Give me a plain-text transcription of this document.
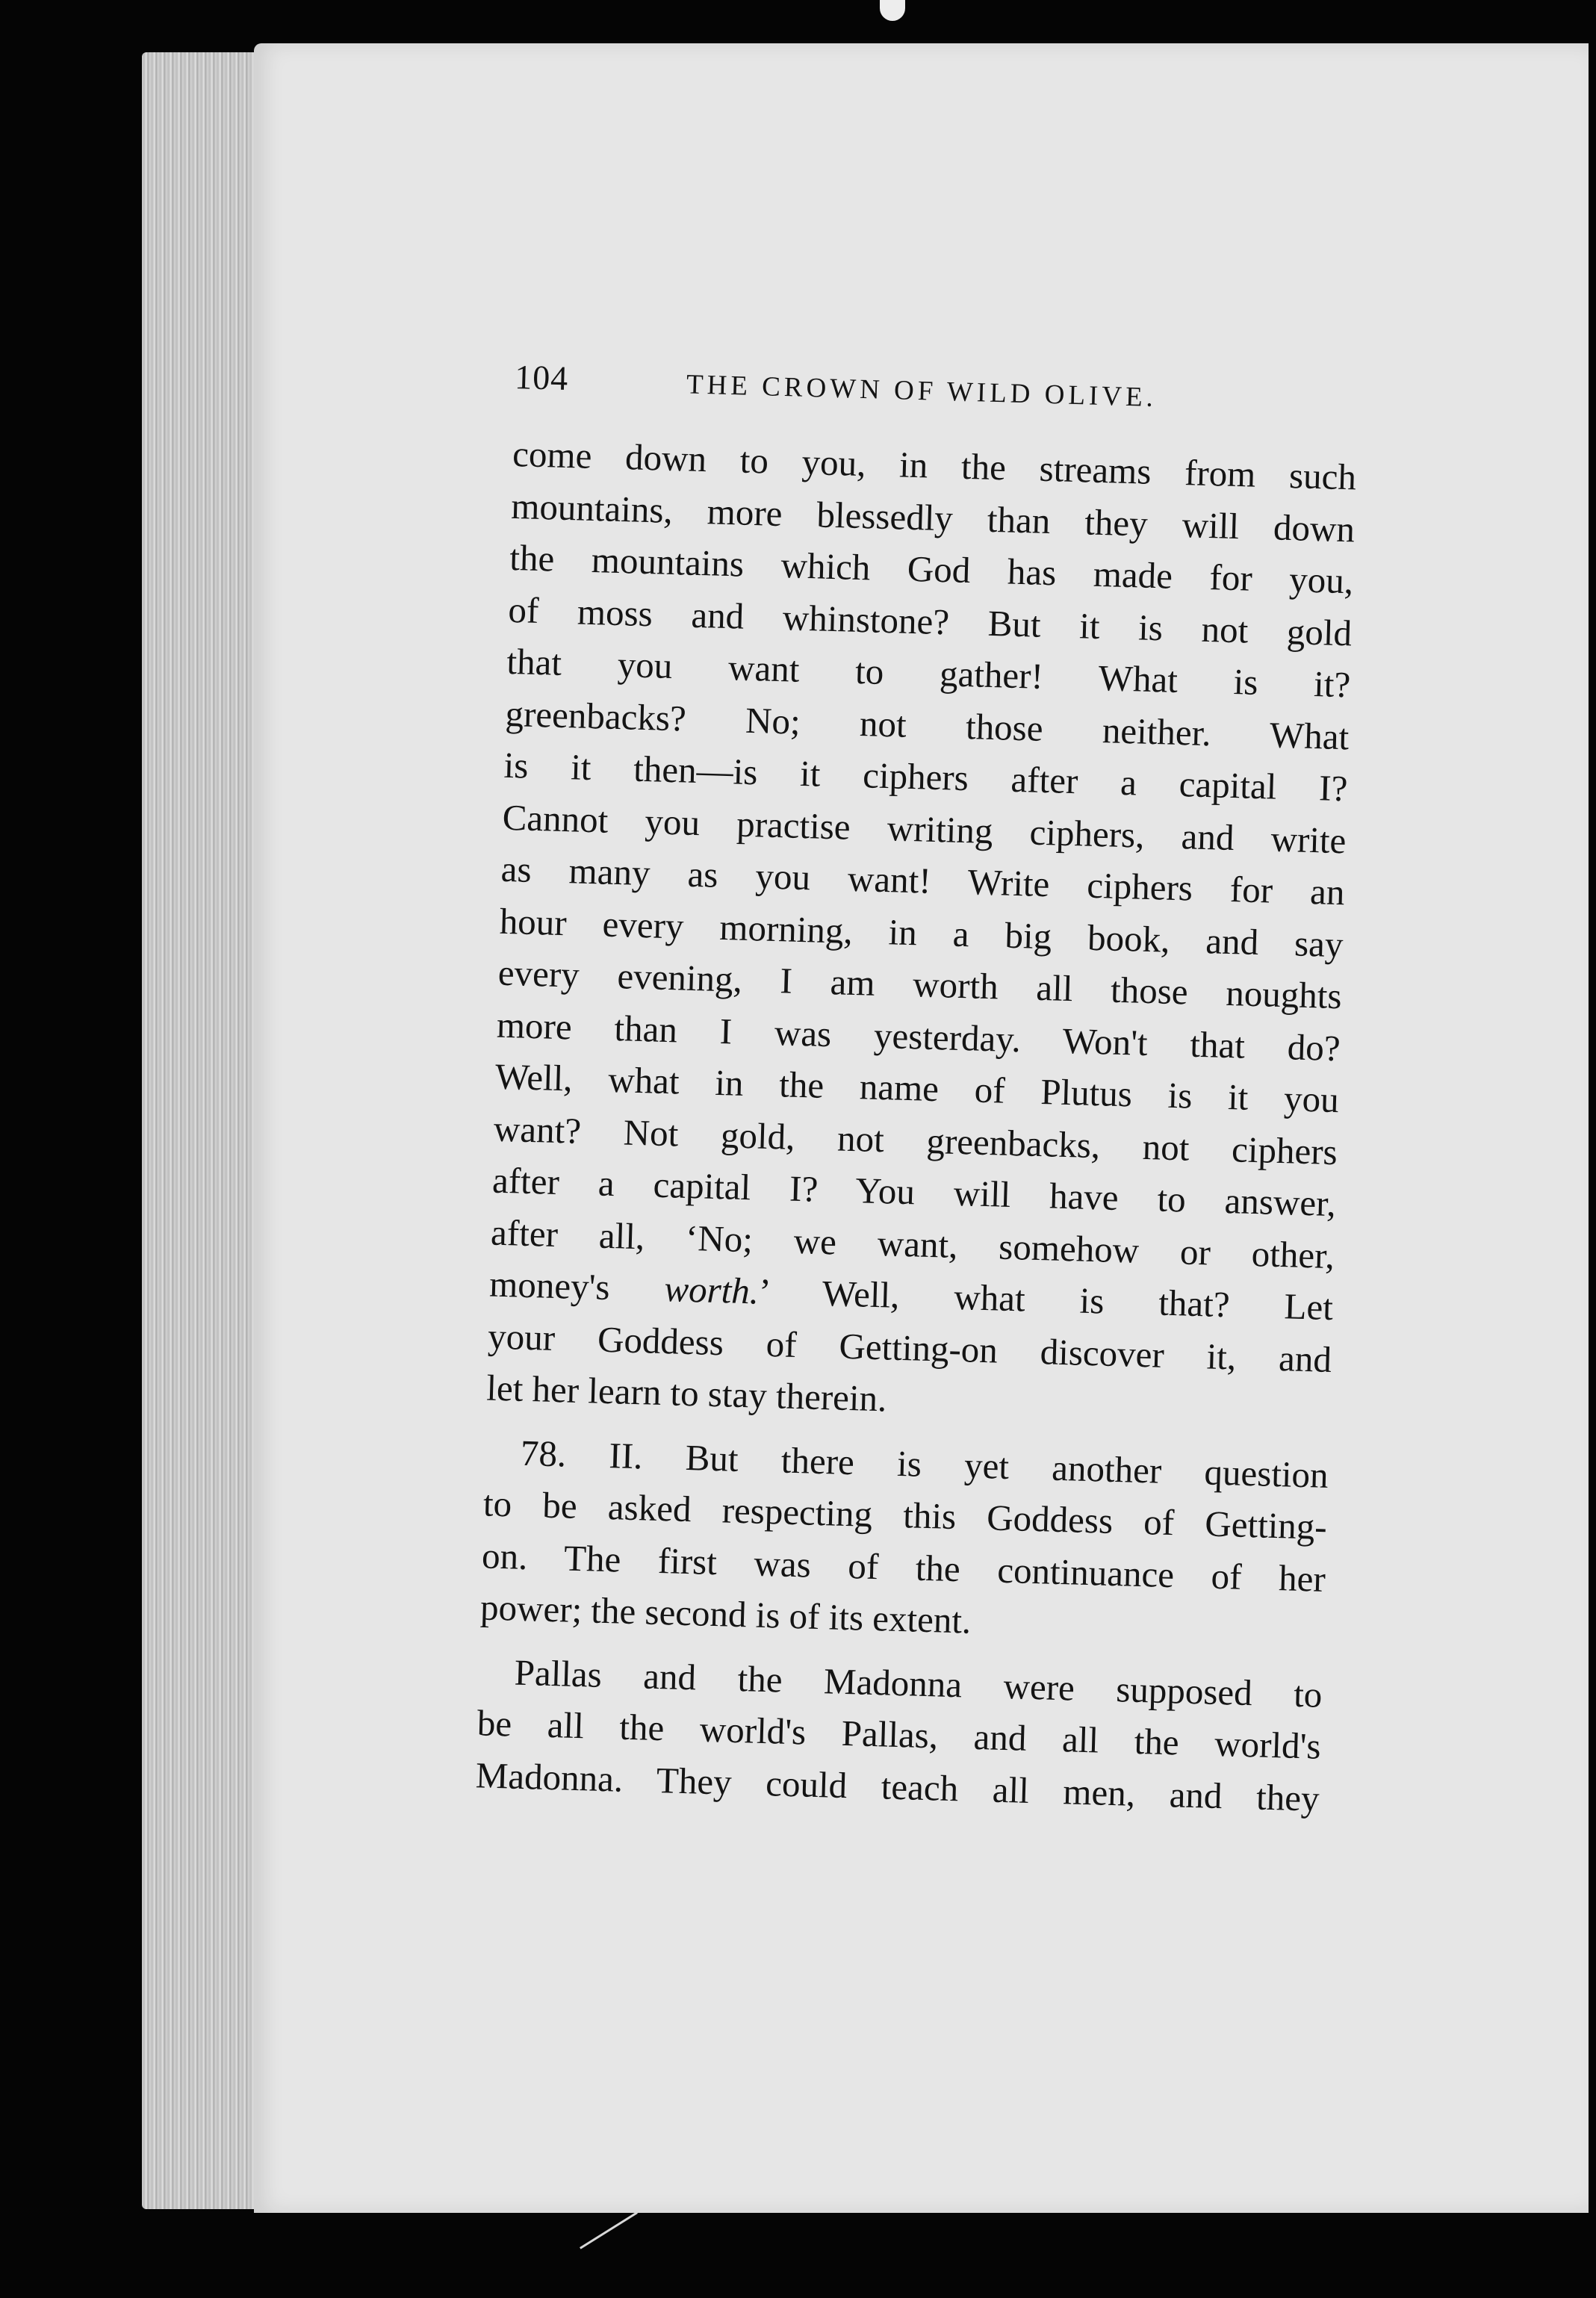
104	THE CROWN OF WILD OLIVE.
come down to you, in the streams from such
mountains, more blessedly than they will down
the mountains which God has made for you,
of moss and whinstone? But it is not gold
that you want to gather! What is it?
greenbacks? No; not those neither. What
is it then—is it ciphers after a capital I?
Cannot you practise writing ciphers, and write
as many as you want! Write ciphers for an
hour every morning, in a big book, and say
every evening, I am worth all those noughts
more than I was yesterday. Won't that do?
Well, what in the name of Plutus is it you
want? Not gold, not greenbacks, not ciphers
after a capital I? You will have to answer,
after all, ‘No; we want, somehow or other,
money's worth.’ Well, what is that? Let
your Goddess of Getting-on discover it, and
let her learn to stay therein.
78. II. But there is yet another question
to be asked respecting this Goddess of Getting-
on. The first was of the continuance of her
power; the second is of its extent.
Pallas and the Madonna were supposed to
be all the world's Pallas, and all the world's
Madonna. They could teach all men, and they
